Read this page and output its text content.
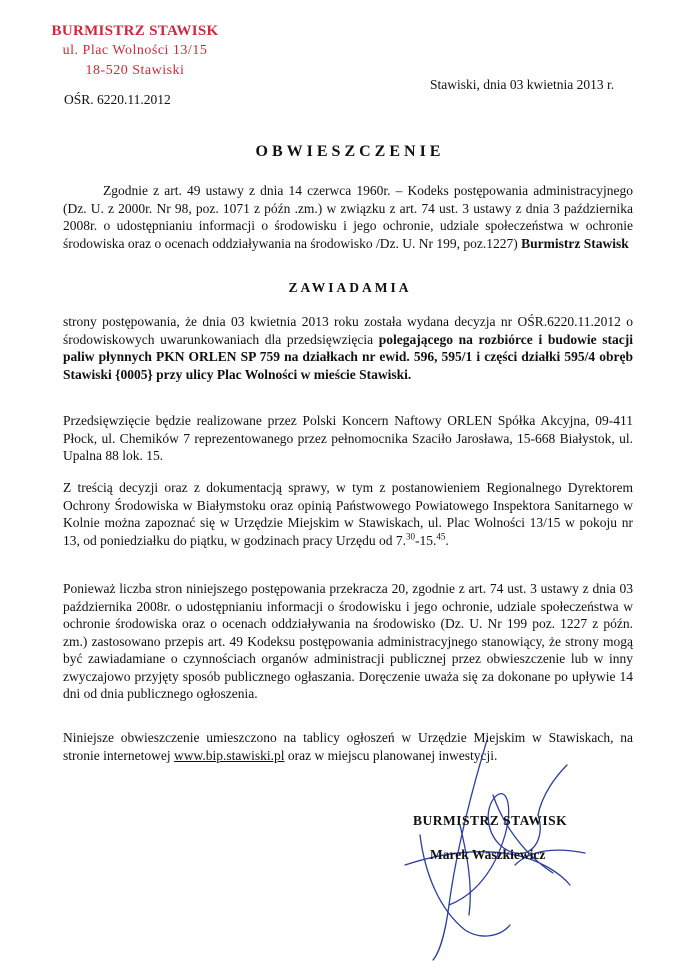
BURMISTRZ STAWISK
ul. Plac Wolności 13/15
18-520 Stawiski
Stawiski, dnia 03 kwietnia 2013 r.
OŚR. 6220.11.2012
OBWIESZCZENIE

Zgodnie z art. 49 ustawy z dnia 14 czerwca 1960r. – Kodeks postępowania administracyjnego (Dz. U. z 2000r. Nr 98, poz. 1071 z późn .zm.) w związku z art. 74 ust. 3 ustawy z dnia 3 października 2008r. o udostępnianiu informacji o środowisku i jego ochronie, udziale społeczeństwa w ochronie środowiska oraz o ocenach oddziaływania na środowisko /Dz. U. Nr 199, poz.1227) Burmistrz Stawisk

ZAWIADAMIA

strony postępowania, że dnia 03 kwietnia 2013 roku została wydana decyzja nr OŚR.6220.11.2012 o środowiskowych uwarunkowaniach dla przedsięwzięcia polegającego na rozbiórce i budowie stacji paliw płynnych PKN ORLEN SP 759 na działkach nr ewid. 596, 595/1 i części działki 595/4 obręb Stawiski {0005} przy ulicy Plac Wolności w mieście Stawiski.

Przedsięwzięcie będzie realizowane przez Polski Koncern Naftowy ORLEN Spółka Akcyjna, 09-411 Płock, ul. Chemików 7 reprezentowanego przez pełnomocnika Szaciło Jarosława, 15-668 Białystok, ul. Upalna 88 lok. 15.

Z treścią decyzji oraz z dokumentacją sprawy, w tym z postanowieniem Regionalnego Dyrektorem Ochrony Środowiska w Białymstoku oraz opinią Państwowego Powiatowego Inspektora Sanitarnego w Kolnie można zapoznać się w Urzędzie Miejskim w Stawiskach, ul. Plac Wolności 13/15 w pokoju nr 13, od poniedziałku do piątku, w godzinach pracy Urzędu od 7.30-15.45.

Ponieważ liczba stron niniejszego postępowania przekracza 20, zgodnie z art. 74 ust. 3 ustawy z dnia 03 października 2008r. o udostępnianiu informacji o środowisku i jego ochronie, udziale społeczeństwa w ochronie środowiska oraz o ocenach oddziaływania na środowisko (Dz. U. Nr 199 poz. 1227 z późn. zm.) zastosowano przepis art. 49 Kodeksu postępowania administracyjnego stanowiący, że strony mogą być zawiadamiane o czynnościach organów administracji publicznej przez obwieszczenie lub w inny zwyczajowo przyjęty sposób publicznego ogłaszania. Doręczenie uważa się za dokonane po upływie 14 dni od dnia publicznego ogłoszenia.

Niniejsze obwieszczenie umieszczono na tablicy ogłoszeń w Urzędzie Miejskim w Stawiskach, na stronie internetowej www.bip.stawiski.pl oraz w miejscu planowanej inwestycji.

BURMISTRZ STAWISK
Marek Waszkiewicz
